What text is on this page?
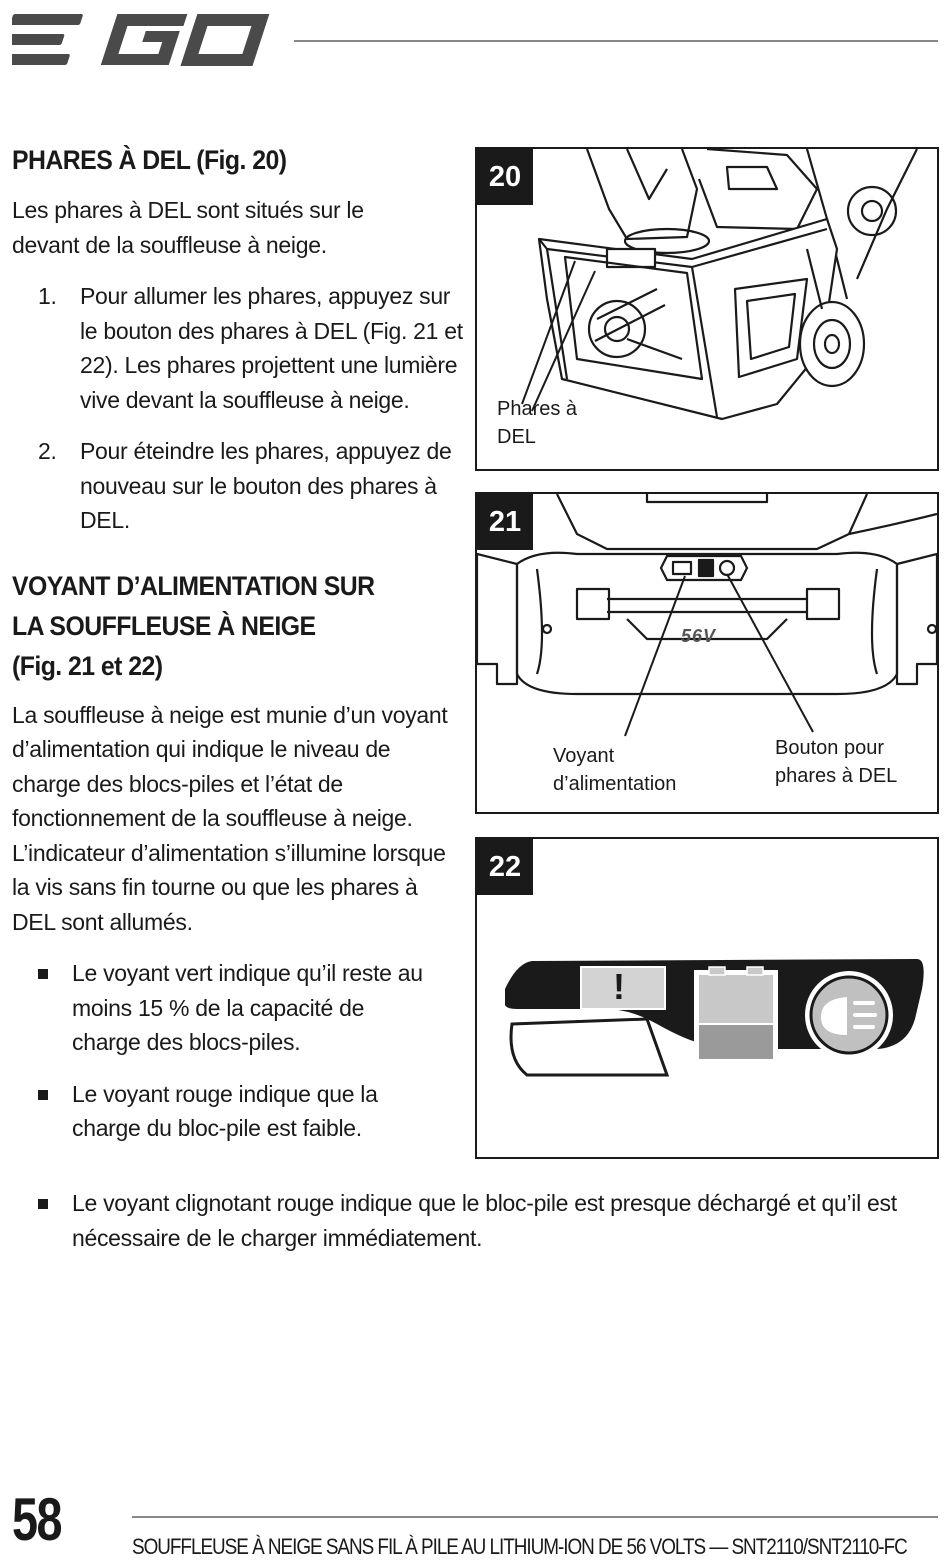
PHARES À DEL (Fig. 20)

Les phares à DEL sont situés sur le devant de la souffleuse à neige.

1. Pour allumer les phares, appuyez sur le bouton des phares à DEL (Fig. 21 et 22). Les phares projettent une lumière vive devant la souffleuse à neige.
2. Pour éteindre les phares, appuyez de nouveau sur le bouton des phares à DEL.
VOYANT D’ALIMENTATION SUR
LA SOUFFLEUSE À NEIGE
(Fig. 21 et 22)

La souffleuse à neige est munie d’un voyant d’alimentation qui indique le niveau de charge des blocs-piles et l’état de fonctionnement de la souffleuse à neige. L’indicateur d’alimentation s’illumine lorsque la vis sans fin tourne ou que les phares à DEL sont allumés.

Le voyant vert indique qu’il reste au moins 15 % de la capacité de charge des blocs-piles.
Le voyant rouge indique que la charge du bloc-pile est faible.
Le voyant clignotant rouge indique que le bloc-pile est presque déchargé et qu’il est nécessaire de le charger immédiatement.
20
Phares à
DEL
21
56V
Voyant
d’alimentation
Bouton pour
phares à DEL
22
!
58	SOUFFLEUSE À NEIGE SANS FIL À PILE AU LITHIUM-ION DE 56 VOLTS — SNT2110/SNT2110-FC
